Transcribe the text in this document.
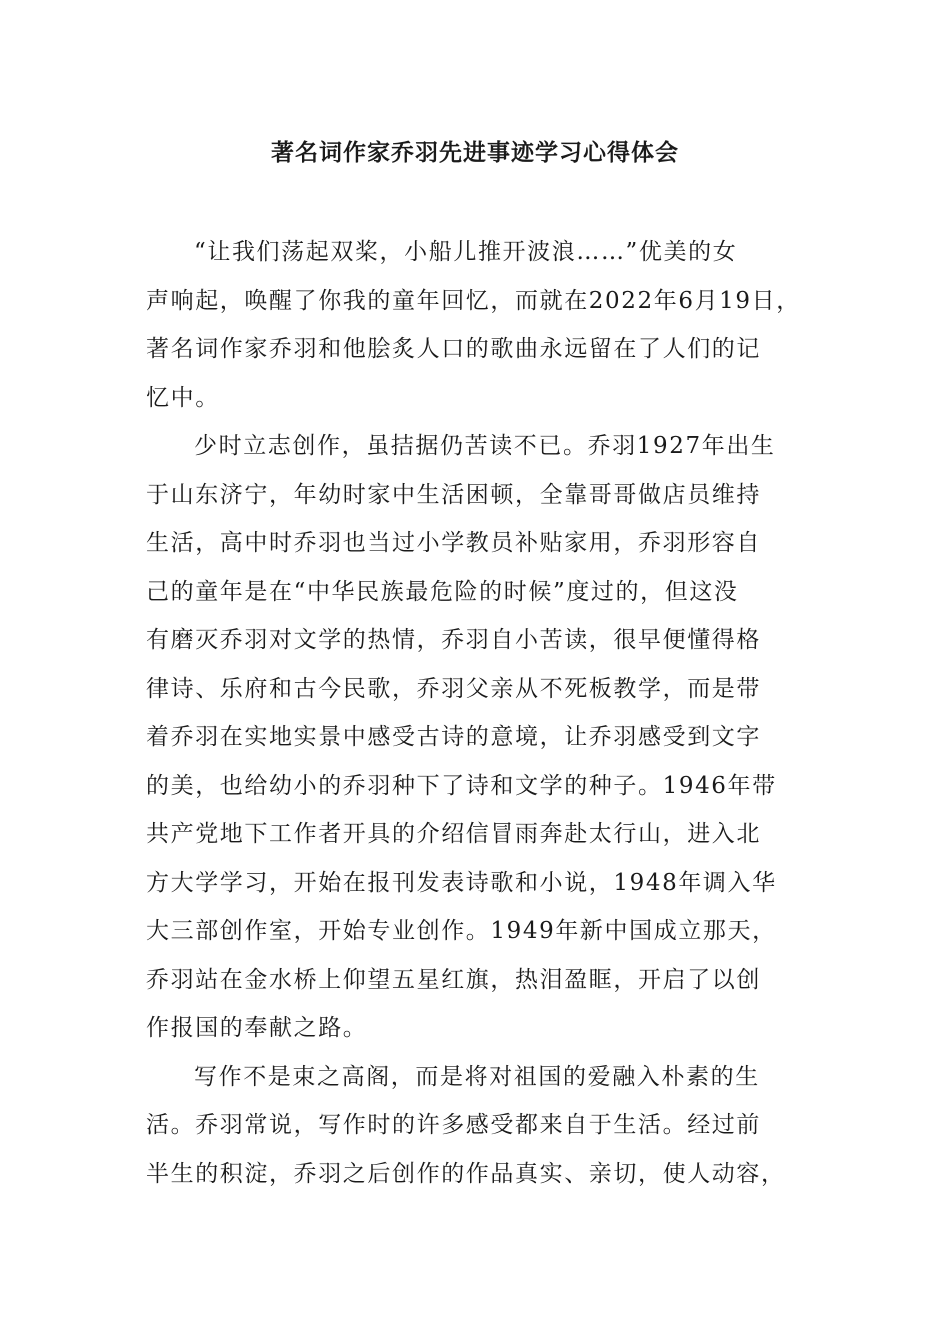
著名词作家乔羽先进事迹学习心得体会

“让我们荡起双桨，小船儿推开波浪……”优美的女
声响起，唤醒了你我的童年回忆，而就在2022年6月19日，
著名词作家乔羽和他脍炙人口的歌曲永远留在了人们的记
忆中。

少时立志创作，虽拮据仍苦读不已。乔羽1927年出生
于山东济宁，年幼时家中生活困顿，全靠哥哥做店员维持
生活，高中时乔羽也当过小学教员补贴家用，乔羽形容自
己的童年是在“中华民族最危险的时候”度过的，但这没
有磨灭乔羽对文学的热情，乔羽自小苦读，很早便懂得格
律诗、乐府和古今民歌，乔羽父亲从不死板教学，而是带
着乔羽在实地实景中感受古诗的意境，让乔羽感受到文字
的美，也给幼小的乔羽种下了诗和文学的种子。1946年带
共产党地下工作者开具的介绍信冒雨奔赴太行山，进入北
方大学学习，开始在报刊发表诗歌和小说，1948年调入华
大三部创作室，开始专业创作。1949年新中国成立那天，
乔羽站在金水桥上仰望五星红旗，热泪盈眶，开启了以创
作报国的奉献之路。

写作不是束之高阁，而是将对祖国的爱融入朴素的生
活。乔羽常说，写作时的许多感受都来自于生活。经过前
半生的积淀，乔羽之后创作的作品真实、亲切，使人动容，
